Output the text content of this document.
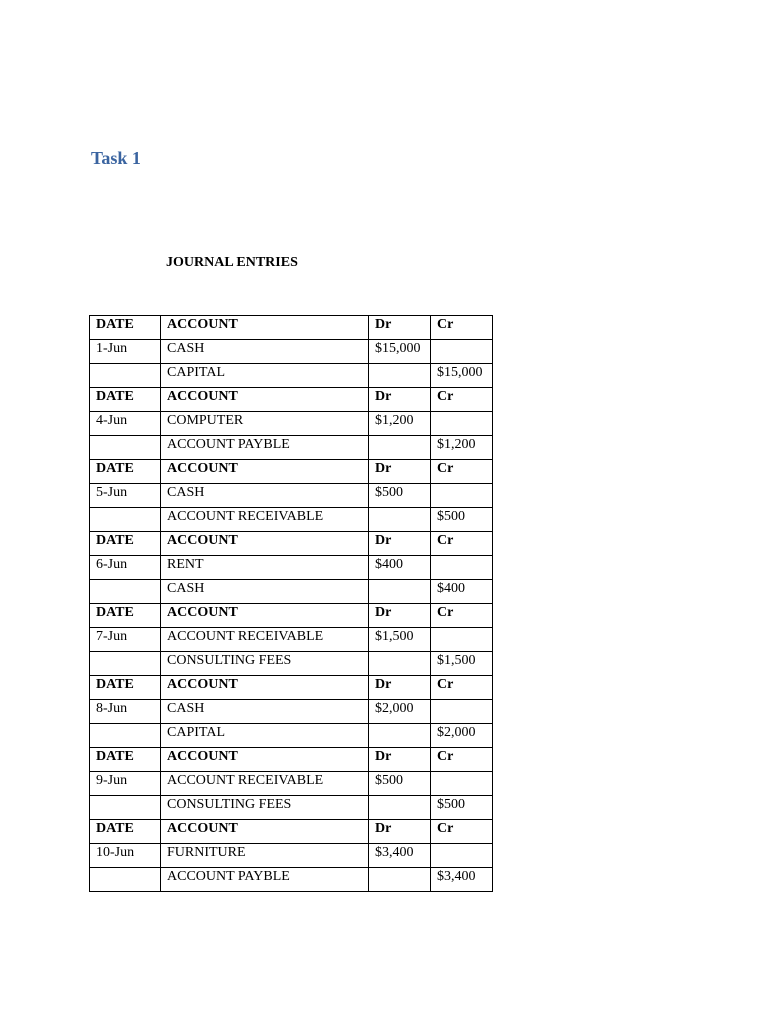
Task 1
JOURNAL ENTRIES
DATE	ACCOUNT	Dr	Cr
1-Jun	CASH	$15,000	
	CAPITAL		$15,000
DATE	ACCOUNT	Dr	Cr
4-Jun	COMPUTER	$1,200	
	ACCOUNT PAYBLE		$1,200
DATE	ACCOUNT	Dr	Cr
5-Jun	CASH	$500	
	ACCOUNT RECEIVABLE		$500
DATE	ACCOUNT	Dr	Cr
6-Jun	RENT	$400	
	CASH		$400
DATE	ACCOUNT	Dr	Cr
7-Jun	ACCOUNT RECEIVABLE	$1,500	
	CONSULTING FEES		$1,500
DATE	ACCOUNT	Dr	Cr
8-Jun	CASH	$2,000	
	CAPITAL		$2,000
DATE	ACCOUNT	Dr	Cr
9-Jun	ACCOUNT RECEIVABLE	$500	
	CONSULTING FEES		$500
DATE	ACCOUNT	Dr	Cr
10-Jun	FURNITURE	$3,400	
	ACCOUNT PAYBLE		$3,400
